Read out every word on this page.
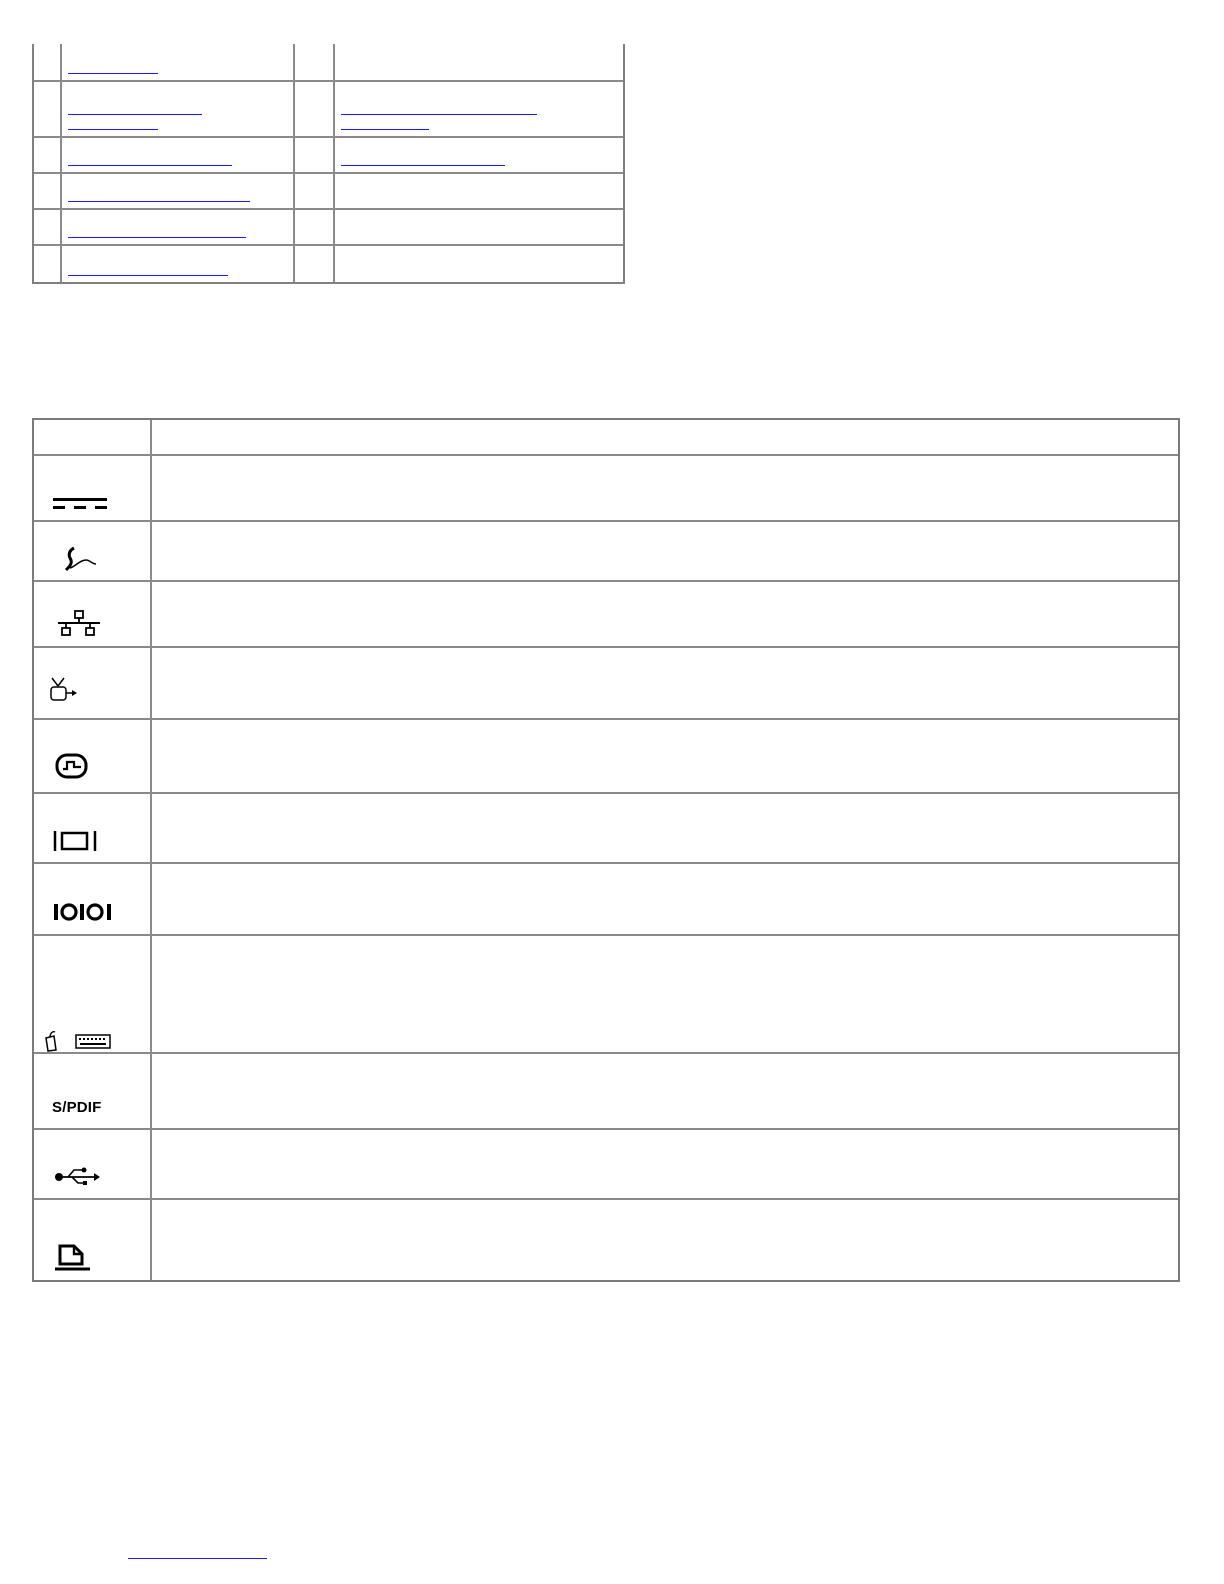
S/PDIF	
